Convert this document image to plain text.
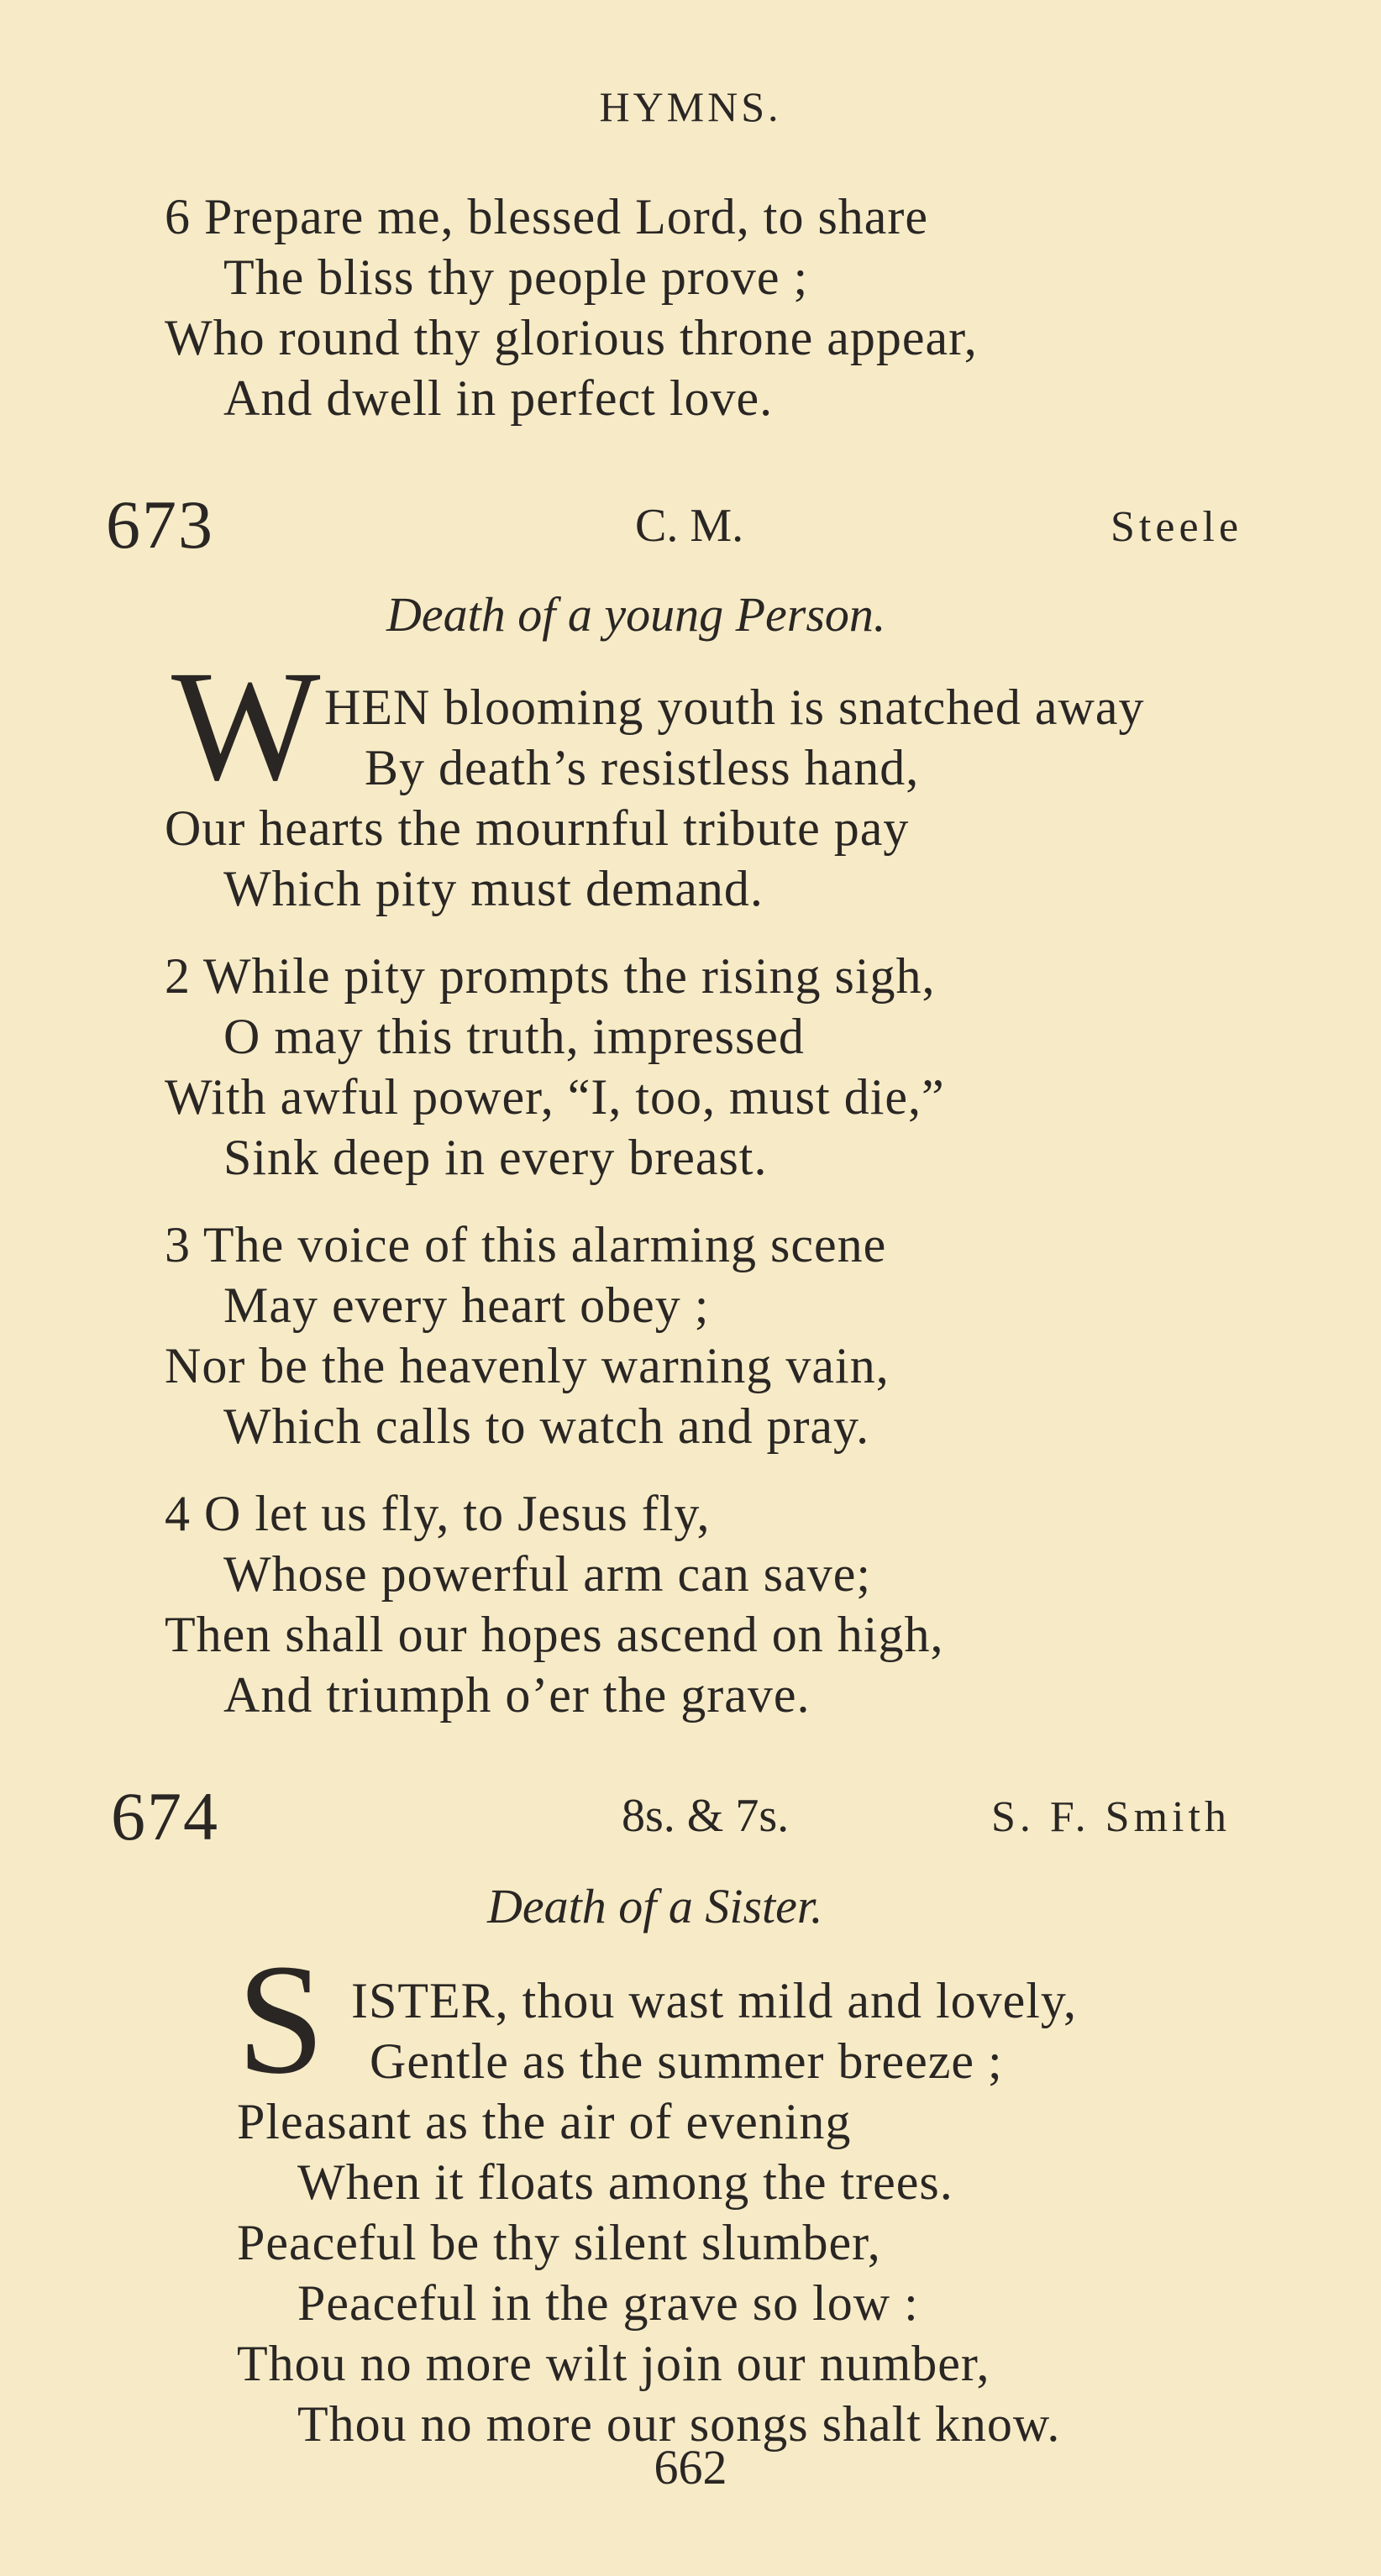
HYMNS.
6 Prepare me, blessed Lord, to share
The bliss thy people prove ;
Who round thy glorious throne appear,
And dwell in perfect love.
673	C. M.	Steele
Death of a young Person.
W HEN blooming youth is snatched away
By death’s resistless hand,
Our hearts the mournful tribute pay
Which pity must demand.
2 While pity prompts the rising sigh,
O may this truth, impressed
With awful power, “I, too, must die,”
Sink deep in every breast.
3 The voice of this alarming scene
May every heart obey ;
Nor be the heavenly warning vain,
Which calls to watch and pray.
4 O let us fly, to Jesus fly,
Whose powerful arm can save;
Then shall our hopes ascend on high,
And triumph o’er the grave.
674	8s. & 7s.	S. F. Smith
Death of a Sister.
S ISTER, thou wast mild and lovely,
Gentle as the summer breeze ;
Pleasant as the air of evening
When it floats among the trees.
Peaceful be thy silent slumber,
Peaceful in the grave so low :
Thou no more wilt join our number,
Thou no more our songs shalt know.
662
